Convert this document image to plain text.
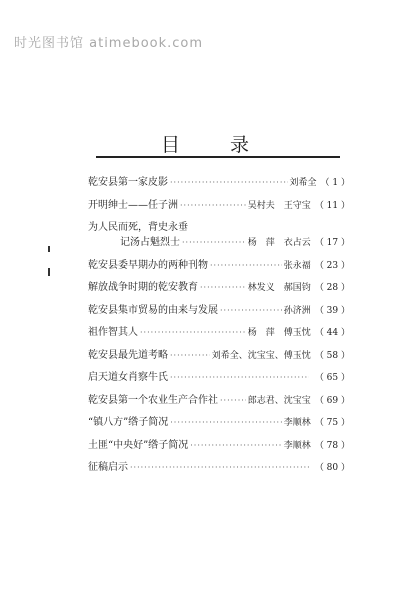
时光图书馆 atimebook.com
目	录
乾安县第一家皮影 ·····	刘希全 （ 1 ）
开明绅士——任子洲 ·····	吴村夫　王守宝 （ 11 ）
为人民而死，背史永垂
记汤占魁烈士 ·····	杨　萍　衣占云 （ 17 ）
乾安县委早期办的两种刊物 ·····	张永福 （ 23 ）
解放战争时期的乾安教育 ·····	林发义　郝国钧 （ 28 ）
乾安县集市贸易的由来与发展 ·····	孙济洲 （ 39 ）
祖作智其人 ·····	杨　萍　傅玉忱 （ 44 ）
乾安县最先道考略 ·····	刘希全、沈宝宝、傅玉忱 （ 58 ）
启天道女肖察牛氏 ·····	（ 65 ）
乾安县第一个农业生产合作社 ·····	郎志君、沈宝宝 （ 69 ）
“镇八方”绺子简况 ·····	李顺林 （ 75 ）
土匪“中央好”绺子简况 ·····	李顺林 （ 78 ）
征稿启示 ·····	（ 80 ）
